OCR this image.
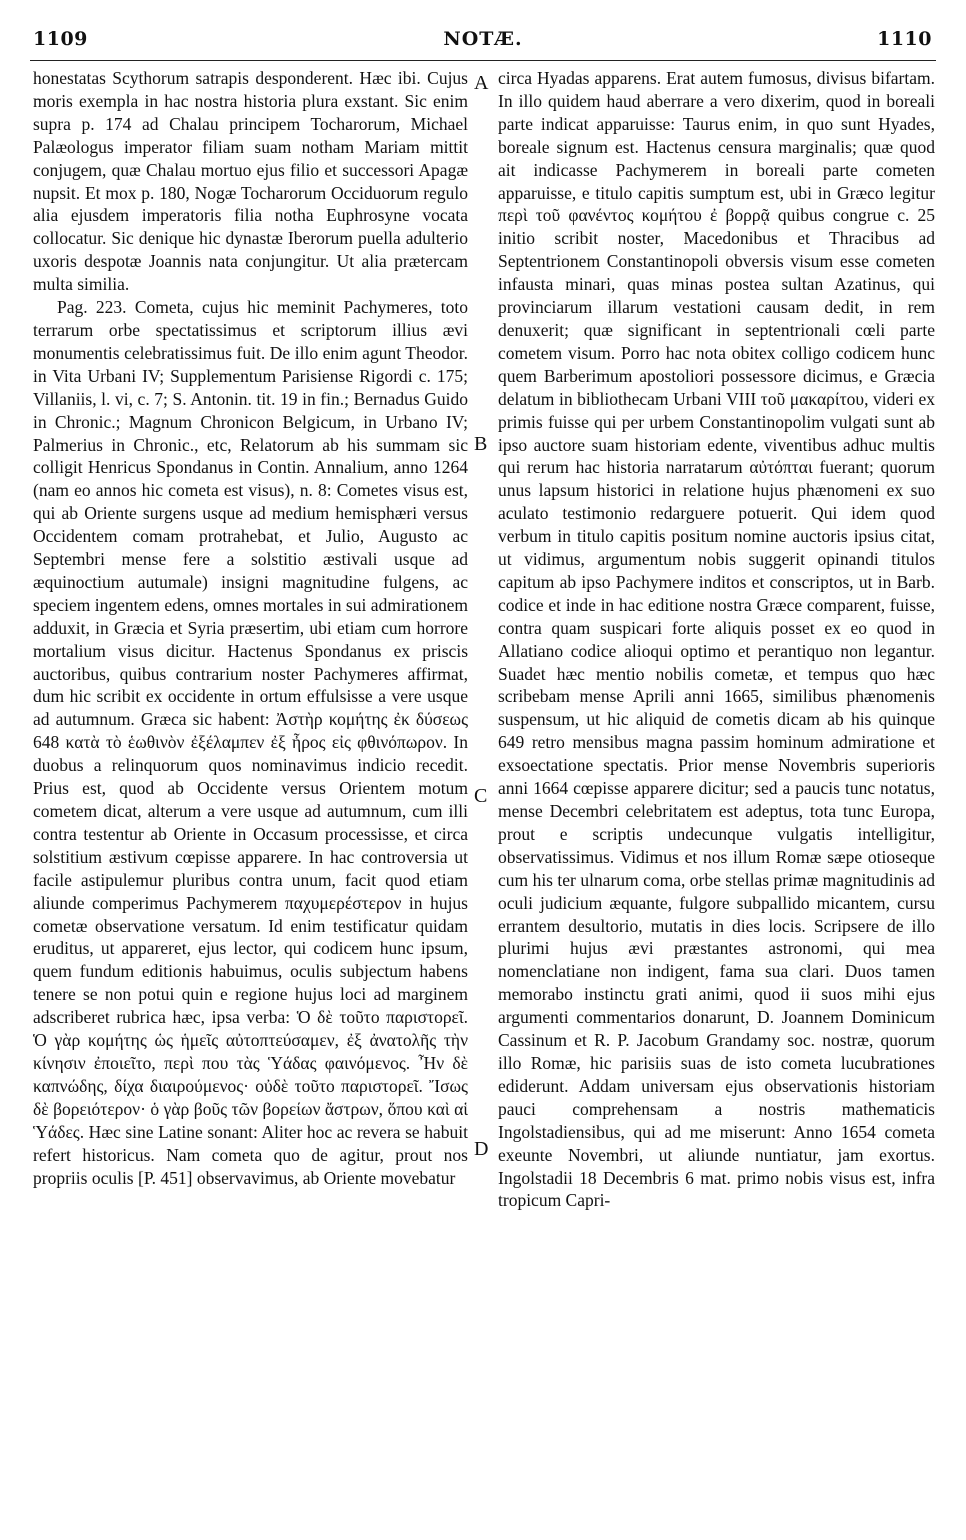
1109	NOTÆ.	1110

honestatas Scythorum satrapis desponderent. Hæc ibi. Cujus moris exempla in hac nostra historia plura exstant. Sic enim supra p. 174 ad Chalau principem Tocharorum, Michael Palæologus imperator filiam suam notham Mariam mittit conjugem, quæ Chalau mortuo ejus filio et successori Apagæ nupsit. Et mox p. 180, Nogæ Tocharorum Occiduorum regulo alia ejusdem imperatoris filia notha Euphrosyne vocata collocatur. Sic denique hic dynastæ Iberorum puella adulterio uxoris despotæ Joannis nata conjungitur. Ut alia prætercam multa similia.

Pag. 223. Cometa, cujus hic meminit Pachymeres, toto terrarum orbe spectatissimus et scriptorum illius ævi monumentis celebratissimus fuit. De illo enim agunt Theodor. in Vita Urbani IV; Supplementum Parisiense Rigordi c. 175; Villaniis, l. vi, c. 7; S. Antonin. tit. 19 in fin.; Bernadus Guido in Chronic.; Magnum Chronicon Belgicum, in Urbano IV; Palmerius in Chronic., etc, Relatorum ab his summam sic colligit Henricus Spondanus in Contin. Annalium, anno 1264 (nam eo annos hic cometa est visus), n. 8: Cometes visus est, qui ab Oriente surgens usque ad medium hemisphæri versus Occidentem comam protrahebat, et Julio, Augusto ac Septembri mense fere a solstitio æstivali usque ad æquinoctium autumale) insigni magnitudine fulgens, ac speciem ingentem edens, omnes mortales in sui admirationem adduxit, in Græcia et Syria præsertim, ubi etiam cum horrore mortalium visus dicitur. Hactenus Spondanus ex priscis auctoribus, quibus contrarium noster Pachymeres affirmat, dum hic scribit ex occidente in ortum effulsisse a vere usque ad autumnum. Græca sic habent: Ἀστὴρ κομήτης ἐκ δύσεως 648 κατὰ τὸ ἑωθινὸν ἐξέλαμπεν ἐξ ἦρος εἰς φθινόπωρον. In duobus a relinquorum quos nominavimus indicio recedit. Prius est, quod ab Occidente versus Orientem motum cometem dicat, alterum a vere usque ad autumnum, cum illi contra testentur ab Oriente in Occasum processisse, et circa solstitium æstivum cœpisse apparere. In hac controversia ut facile astipulemur pluribus contra unum, facit quod etiam aliunde comperimus Pachymerem παχυμερέστερον in hujus cometæ observatione versatum. Id enim testificatur quidam eruditus, ut appareret, ejus lector, qui codicem hunc ipsum, quem fundum editionis habuimus, oculis subjectum habens tenere se non potui quin e regione hujus loci ad marginem adscriberet rubrica hæc, ipsa verba: Ὁ δὲ τοῦτο παριστορεῖ. Ὁ γὰρ κομήτης ὡς ἡμεῖς αὐτοπτεύσαμεν, ἐξ ἀνατολῆς τὴν κίνησιν ἐποιεῖτο, περὶ που τὰς Ὑάδας φαινόμενος. Ἦν δὲ καπνώδης, δίχα διαιρούμενος· οὐδὲ τοῦτο παριστορεῖ. Ἴσως δὲ βορειότερον· ὁ γὰρ βοῦς τῶν βορείων ἄστρων, ὅπου καὶ αἱ Ὑάδες. Hæc sine Latine sonant: Aliter hoc ac revera se habuit refert historicus. Nam cometa quo de agitur, prout nos propriis oculis [P. 451] observavimus, ab Oriente movebatur

A
B
C
D

circa Hyadas apparens. Erat autem fumosus, divisus bifartam. In illo quidem haud aberrare a vero dixerim, quod in boreali parte indicat apparuisse: Taurus enim, in quo sunt Hyades, boreale signum est. Hactenus censura marginalis; quæ quod ait indicasse Pachymerem in boreali parte cometen apparuisse, e titulo capitis sumptum est, ubi in Græco legitur περὶ τοῦ φανέντος κομήτου ἐ βορρᾷ quibus congrue c. 25 initio scribit noster, Macedonibus et Thracibus ad Septentrionem Constantinopoli obversis visum esse cometen infausta minari, quas minas postea sultan Azatinus, qui provinciarum illarum vestationi causam dedit, in rem denuxerit; quæ significant in septentrionali cœli parte cometem visum. Porro hac nota obitex colligo codicem hunc quem Barberimum apostoliori possessore dicimus, e Græcia delatum in bibliothecam Urbani VIII τοῦ μακαρίτου, videri ex primis fuisse qui per urbem Constantinopolim vulgati sunt ab ipso auctore suam historiam edente, viventibus adhuc multis qui rerum hac historia narratarum αὐτόπται fuerant; quorum unus lapsum historici in relatione hujus phænomeni ex suo aculato testimonio redarguere potuerit. Qui idem quod verbum in titulo capitis positum nomine auctoris ipsius citat, ut vidimus, argumentum nobis suggerit opinandi titulos capitum ab ipso Pachymere inditos et conscriptos, ut in Barb. codice et inde in hac editione nostra Græce comparent, fuisse, contra quam suspicari forte aliquis posset ex eo quod in Allatiano codice alioqui optimo et perantiquo non legantur. Suadet hæc mentio nobilis cometæ, et tempus quo hæc scribebam mense Aprili anni 1665, similibus phænomenis suspensum, ut hic aliquid de cometis dicam ab his quinque 649 retro mensibus magna passim hominum admiratione et exsoectatione spectatis. Prior mense Novembris superioris anni 1664 cœpisse apparere dicitur; sed a paucis tunc notatus, mense Decembri celebritatem est adeptus, tota tunc Europa, prout e scriptis undecunque vulgatis intelligitur, observatissimus. Vidimus et nos illum Romæ sæpe otioseque cum his ter ulnarum coma, orbe stellas primæ magnitudinis ad oculi judicium æquante, fulgore subpallido micantem, cursu errantem desultorio, mutatis in dies locis. Scripsere de illo plurimi hujus ævi præstantes astronomi, qui mea nomenclatiane non indigent, fama sua clari. Duos tamen memorabo instinctu grati animi, quod ii suos mihi ejus argumenti commentarios donarunt, D. Joannem Dominicum Cassinum et R. P. Jacobum Grandamy soc. nostræ, quorum illo Romæ, hic parisiis suas de isto cometa lucubrationes ediderunt. Addam universam ejus observationis historiam pauci comprehensam a nostris mathematicis Ingolstadiensibus, qui ad me miserunt: Anno 1654 cometa exeunte Novembri, ut aliunde nuntiatur, jam exortus. Ingolstadii 18 Decembris 6 mat. primo nobis visus est, infra tropicum Capri-
